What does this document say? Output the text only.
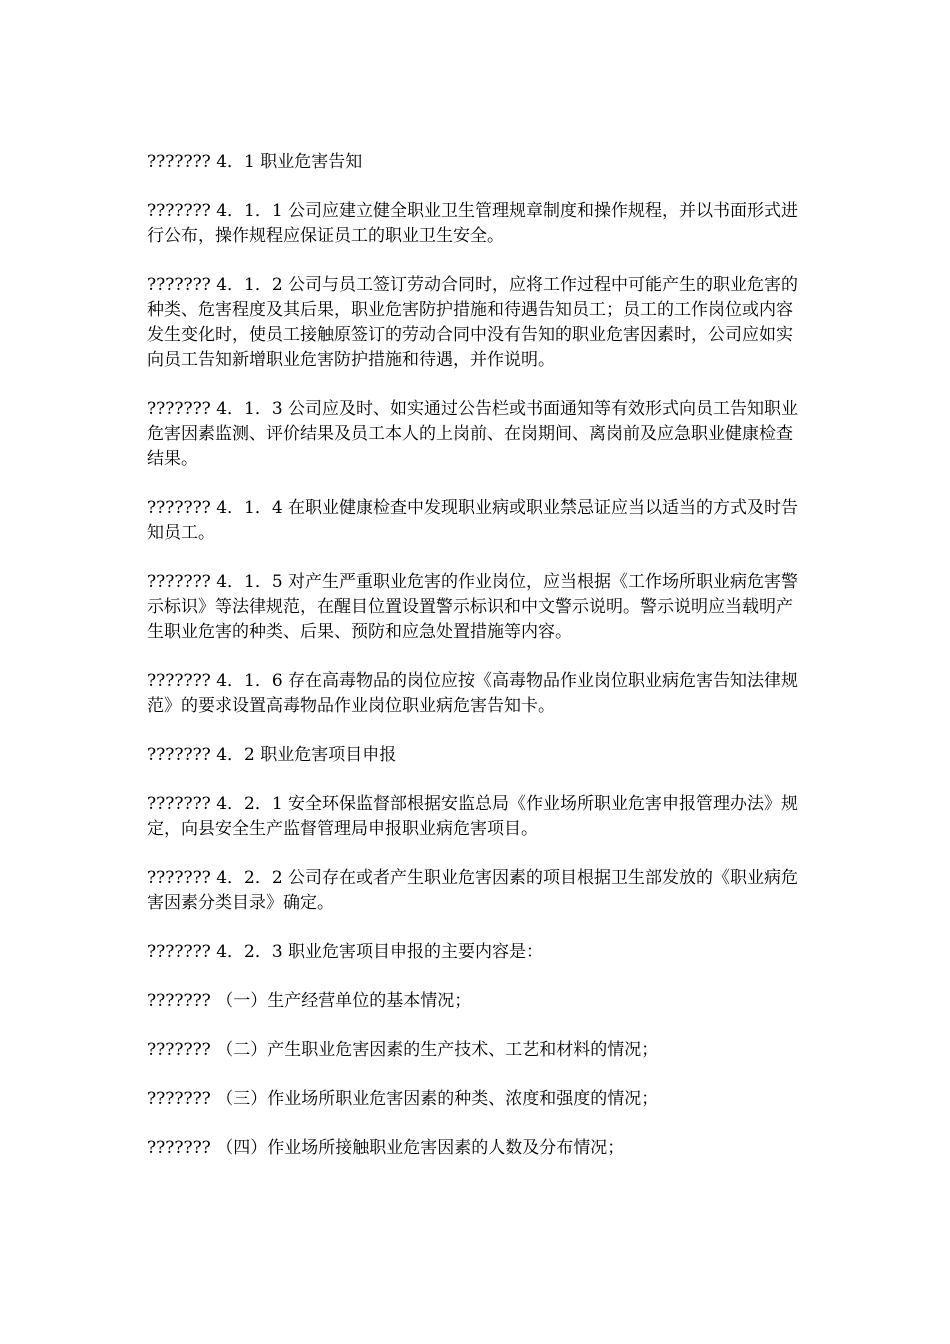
??????? 4．1 职业危害告知

??????? 4．1．1 公司应建立健全职业卫生管理规章制度和操作规程，并以书面形式进行公布，操作规程应保证员工的职业卫生安全。

??????? 4．1．2 公司与员工签订劳动合同时，应将工作过程中可能产生的职业危害的种类、危害程度及其后果，职业危害防护措施和待遇告知员工；员工的工作岗位或内容发生变化时，使员工接触原签订的劳动合同中没有告知的职业危害因素时，公司应如实向员工告知新增职业危害防护措施和待遇，并作说明。

??????? 4．1．3 公司应及时、如实通过公告栏或书面通知等有效形式向员工告知职业危害因素监测、评价结果及员工本人的上岗前、在岗期间、离岗前及应急职业健康检查结果。

??????? 4．1．4 在职业健康检查中发现职业病或职业禁忌证应当以适当的方式及时告知员工。

??????? 4．1．5 对产生严重职业危害的作业岗位，应当根据《工作场所职业病危害警示标识》等法律规范，在醒目位置设置警示标识和中文警示说明。警示说明应当载明产生职业危害的种类、后果、预防和应急处置措施等内容。

??????? 4．1．6 存在高毒物品的岗位应按《高毒物品作业岗位职业病危害告知法律规范》的要求设置高毒物品作业岗位职业病危害告知卡。

??????? 4．2 职业危害项目申报

??????? 4．2．1 安全环保监督部根据安监总局《作业场所职业危害申报管理办法》规定，向县安全生产监督管理局申报职业病危害项目。

??????? 4．2．2 公司存在或者产生职业危害因素的项目根据卫生部发放的《职业病危害因素分类目录》确定。

??????? 4．2．3 职业危害项目申报的主要内容是：

??????? （一）生产经营单位的基本情况；

??????? （二）产生职业危害因素的生产技术、工艺和材料的情况；

??????? （三）作业场所职业危害因素的种类、浓度和强度的情况；

??????? （四）作业场所接触职业危害因素的人数及分布情况；
